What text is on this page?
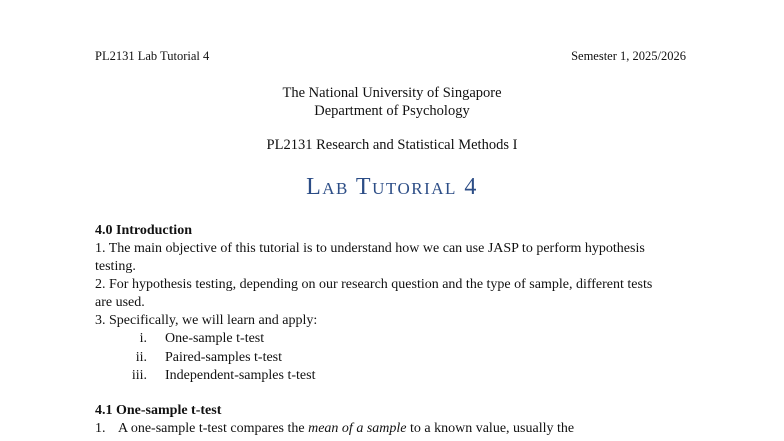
PL2131 Lab Tutorial 4	Semester 1, 2025/2026
The National University of Singapore
Department of Psychology
PL2131 Research and Statistical Methods I
Lab Tutorial 4
4.0 Introduction

1. The main objective of this tutorial is to understand how we can use JASP to perform hypothesis testing.

2. For hypothesis testing, depending on our research question and the type of sample, different tests are used.

3. Specifically, we will learn and apply:

i.	One-sample t-test
ii.	Paired-samples t-test
iii.	Independent-samples t-test
4.1 One-sample t-test
1. A one-sample t-test compares the mean of a sample to a known value, usually the
